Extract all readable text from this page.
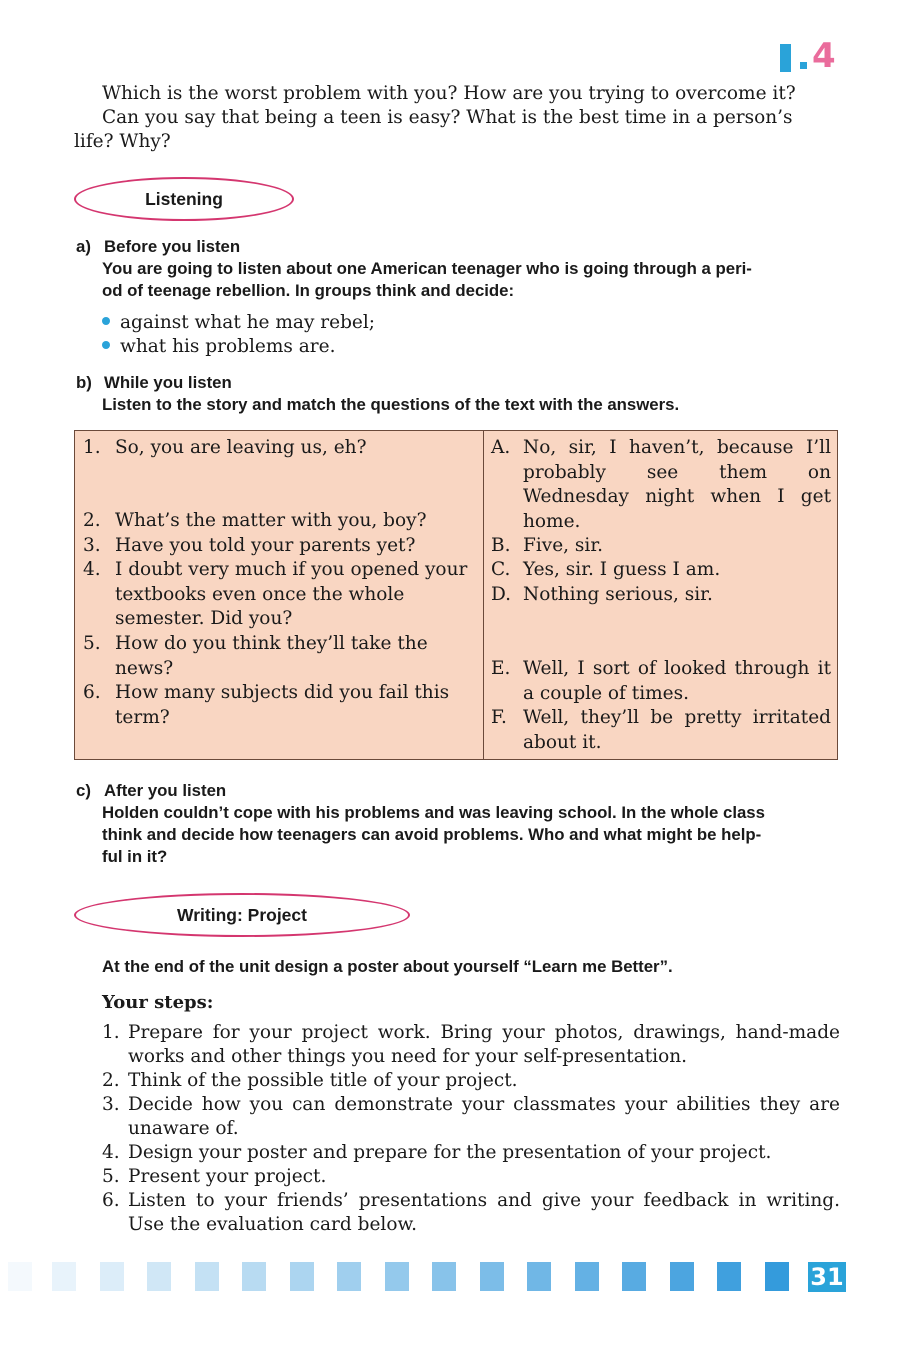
4
Which is the worst problem with you? How are you trying to overcome it?
Can you say that being a teen is easy? What is the best time in a person’s
life? Why?
Listening
a) Before you listen
You are going to listen about one American teenager who is going through a peri-
od of teenage rebellion. In groups think and decide:
against what he may rebel;
what his problems are.
b) While you listen
Listen to the story and match the questions of the text with the answers.
1. So, you are leaving us, eh?
2. What’s the matter with you, boy?
3. Have you told your parents yet?
4. I doubt very much if you opened your textbooks even once the whole semester. Did you?
5. How do you think they’ll take the news?
6. How many subjects did you fail this term?
A. No, sir, I haven’t, because I’ll probably see them on Wednesday night when I get home.
B. Five, sir.
C. Yes, sir. I guess I am.
D. Nothing serious, sir.
E. Well, I sort of looked through it a couple of times.
F. Well, they’ll be pretty irritated about it.
c) After you listen
Holden couldn’t cope with his problems and was leaving school. In the whole class
think and decide how teenagers can avoid problems. Who and what might be help-
ful in it?
Writing: Project
At the end of the unit design a poster about yourself “Learn me Better”.
Your steps:
1. Prepare for your project work. Bring your photos, drawings, hand-made works and other things you need for your self-presentation.
2. Think of the possible title of your project.
3. Decide how you can demonstrate your classmates your abilities they are unaware of.
4. Design your poster and prepare for the presentation of your project.
5. Present your project.
6. Listen to your friends’ presentations and give your feedback in writing. Use the evaluation card below.
31
